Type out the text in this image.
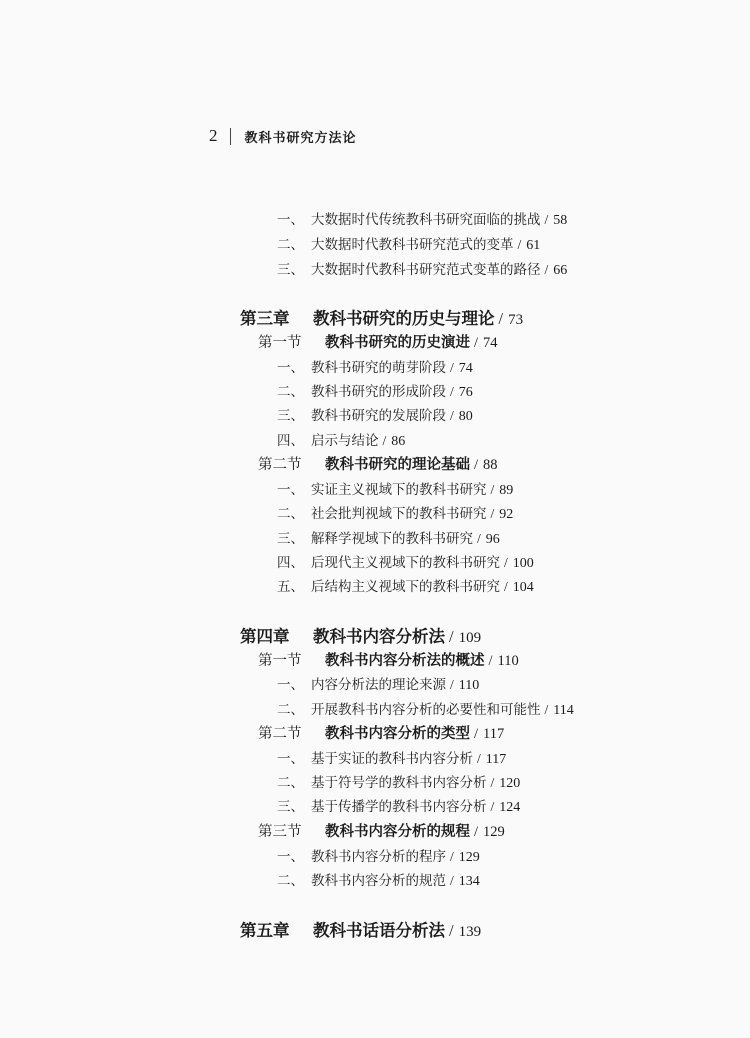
2 教科书研究方法论
一、 大数据时代传统教科书研究面临的挑战 / 58
二、 大数据时代教科书研究范式的变革 / 61
三、 大数据时代教科书研究范式变革的路径 / 66
第三章	教科书研究的历史与理论 / 73
第一节	教科书研究的历史演进 / 74
一、 教科书研究的萌芽阶段 / 74
二、 教科书研究的形成阶段 / 76
三、 教科书研究的发展阶段 / 80
四、 启示与结论 / 86
第二节	教科书研究的理论基础 / 88
一、 实证主义视域下的教科书研究 / 89
二、 社会批判视域下的教科书研究 / 92
三、 解释学视域下的教科书研究 / 96
四、 后现代主义视域下的教科书研究 / 100
五、 后结构主义视域下的教科书研究 / 104
第四章	教科书内容分析法 / 109
第一节	教科书内容分析法的概述 / 110
一、 内容分析法的理论来源 / 110
二、 开展教科书内容分析的必要性和可能性 / 114
第二节	教科书内容分析的类型 / 117
一、 基于实证的教科书内容分析 / 117
二、 基于符号学的教科书内容分析 / 120
三、 基于传播学的教科书内容分析 / 124
第三节	教科书内容分析的规程 / 129
一、 教科书内容分析的程序 / 129
二、 教科书内容分析的规范 / 134
第五章	教科书话语分析法 / 139
